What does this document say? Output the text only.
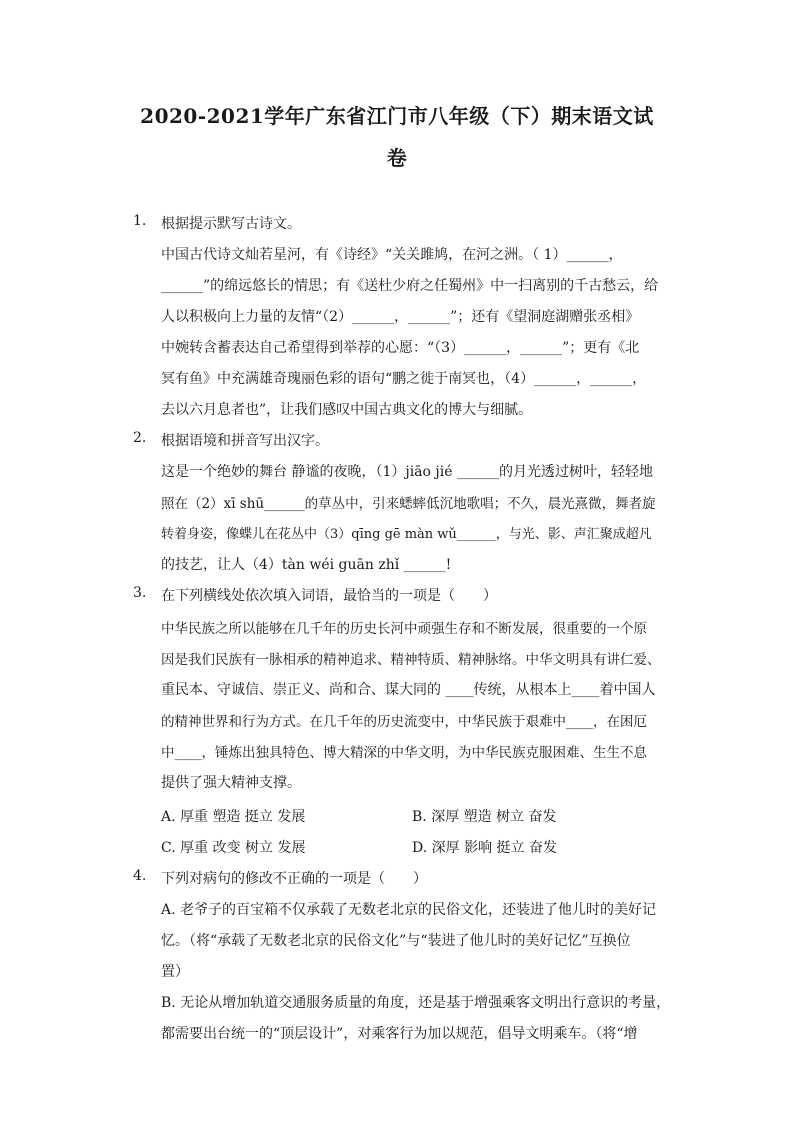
2020-2021学年广东省江门市八年级（下）期末语文试
卷
1. 根据提示默写古诗文。
中国古代诗文灿若星河，有《诗经》“关关雎鸠，在河之洲。（ 1）______，
______”的绵远悠长的情思；有《送杜少府之任蜀州》中一扫离别的千古愁云，给
人以积极向上力量的友情“（2）______，______”；还有《望洞庭湖赠张丞相》
中婉转含蓄表达自己希望得到举荐的心愿：“（3）______，______”；更有《北
冥有鱼》中充满雄奇瑰丽色彩的语句“鹏之徙于南冥也，（4）______，______，
去以六月息者也”，让我们感叹中国古典文化的博大与细腻。
2. 根据语境和拼音写出汉字。
这是一个绝妙的舞台 静谧的夜晚，（1）jiāo jié ______的月光透过树叶，轻轻地
照在（2）xī shū______的草丛中，引来蟋蟀低沉地歌唱；不久，晨光熹微，舞者旋
转着身姿，像蝶儿在花丛中（3）qīng gē màn wǔ______，与光、影、声汇聚成超凡
的技艺，让人（4）tàn wéi guān zhǐ ______!
3. 在下列横线处依次填入词语，最恰当的一项是（　　）
中华民族之所以能够在几千年的历史长河中顽强生存和不断发展，很重要的一个原
因是我们民族有一脉相承的精神追求、精神特质、精神脉络。中华文明具有讲仁爱、
重民本、守诚信、崇正义、尚和合、谋大同的 ____传统，从根本上____着中国人
的精神世界和行为方式。在几千年的历史流变中，中华民族于艰难中____，在困厄
中____，锤炼出独具特色、博大精深的中华文明，为中华民族克服困难、生生不息
提供了强大精神支撑。
A. 厚重 塑造 挺立 发展	B. 深厚 塑造 树立 奋发
C. 厚重 改变 树立 发展	D. 深厚 影响 挺立 奋发
4. 下列对病句的修改不正确的一项是（　　）
A. 老爷子的百宝箱不仅承载了无数老北京的民俗文化，还装进了他儿时的美好记
忆。（将“承载了无数老北京的民俗文化”与“装进了他儿时的美好记忆”互换位
置）
B. 无论从增加轨道交通服务质量的角度，还是基于增强乘客文明出行意识的考量，
都需要出台统一的“顶层设计”，对乘客行为加以规范，倡导文明乘车。（将“增
